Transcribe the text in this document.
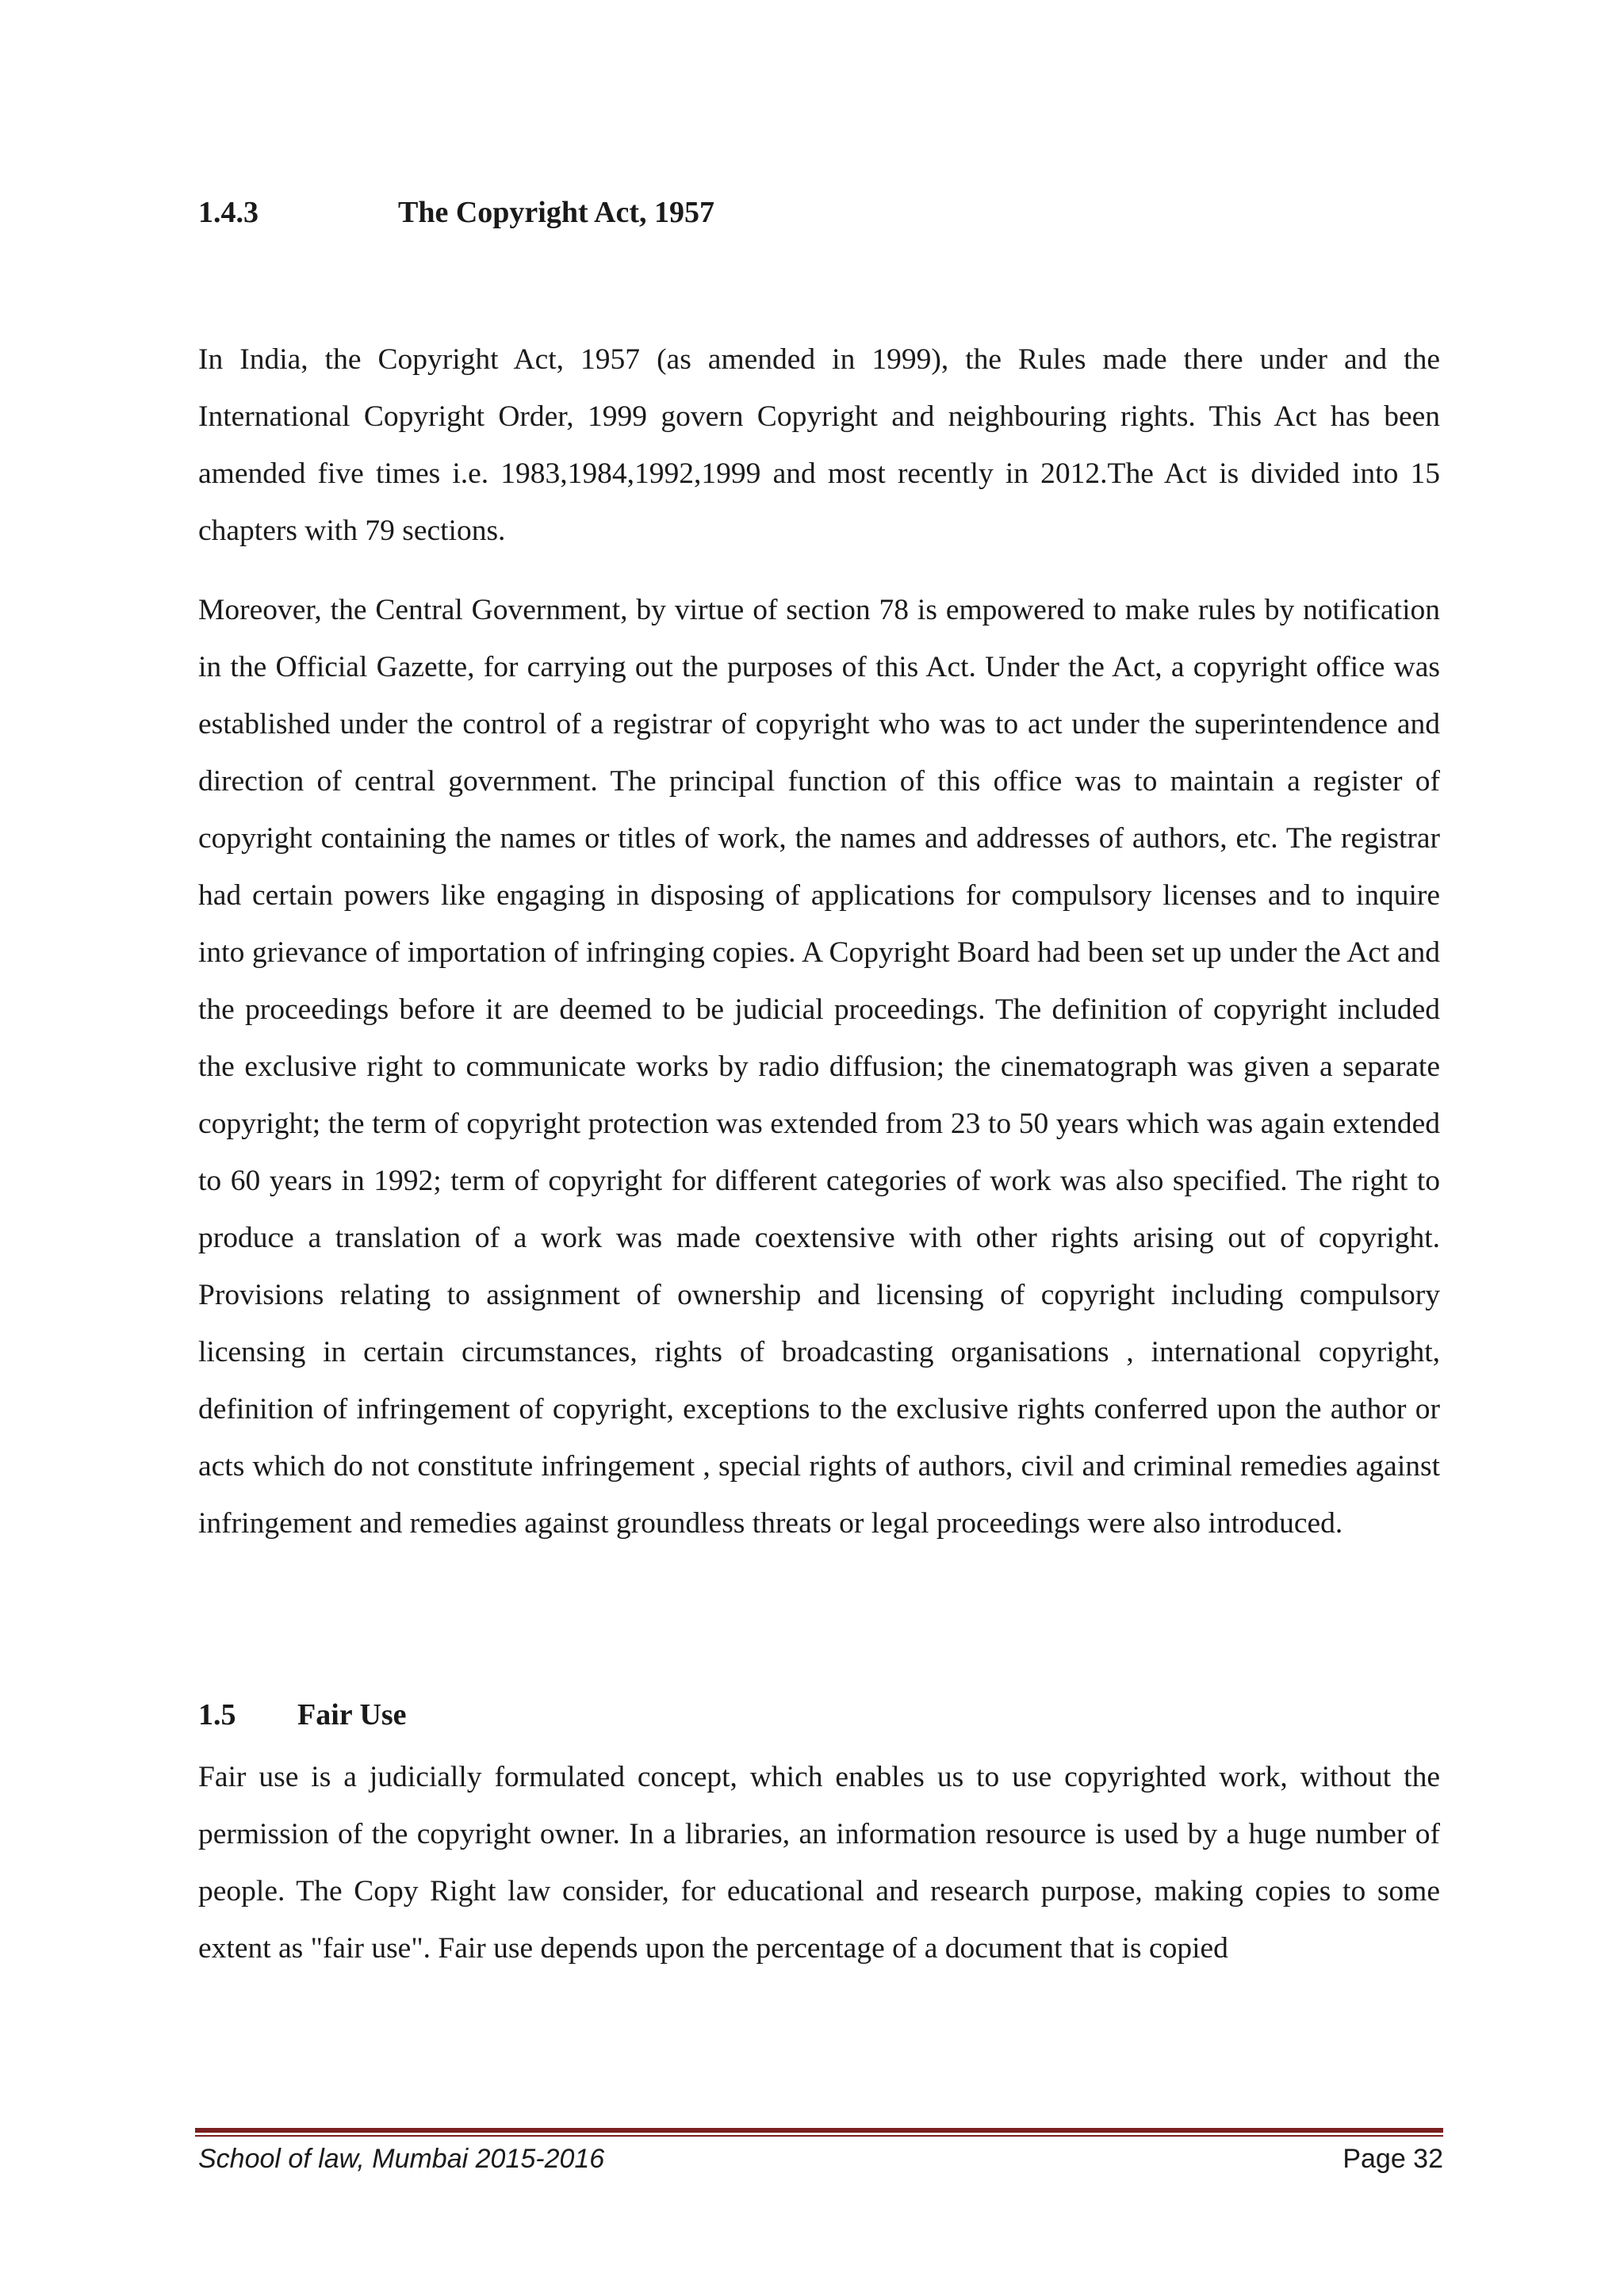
1.4.3	The Copyright Act, 1957

In India, the Copyright Act, 1957 (as amended in 1999), the Rules made there under and the International Copyright Order, 1999 govern Copyright and neighbouring rights. This Act has been amended five times i.e. 1983,1984,1992,1999 and most recently in 2012.The Act is divided into 15 chapters with 79 sections.

Moreover, the Central Government, by virtue of section 78 is empowered to make rules by notification in the Official Gazette, for carrying out the purposes of this Act. Under the Act, a copyright office was established under the control of a registrar of copyright who was to act under the superintendence and direction of central government. The principal function of this office was to maintain a register of copyright containing the names or titles of work, the names and addresses of authors, etc. The registrar had certain powers like engaging in disposing of applications for compulsory licenses and to inquire into grievance of importation of infringing copies. A Copyright Board had been set up under the Act and the proceedings before it are deemed to be judicial proceedings. The definition of copyright included the exclusive right to communicate works by radio diffusion; the cinematograph was given a separate copyright; the term of copyright protection was extended from 23 to 50 years which was again extended to 60 years in 1992; term of copyright for different categories of work was also specified. The right to produce a translation of a work was made coextensive with other rights arising out of copyright. Provisions relating to assignment of ownership and licensing of copyright including compulsory licensing in certain circumstances, rights of broadcasting organisations , international copyright, definition of infringement of copyright, exceptions to the exclusive rights conferred upon the author or acts which do not constitute infringement , special rights of authors, civil and criminal remedies against infringement and remedies against groundless threats or legal proceedings were also introduced.

1.5 Fair Use

Fair use is a judicially formulated concept, which enables us to use copyrighted work, without the permission of the copyright owner. In a libraries, an information resource is used by a huge number of people. The Copy Right law consider, for educational and research purpose, making copies to some extent as "fair use". Fair use depends upon the percentage of a document that is copied

School of law, Mumbai 2015-2016	Page 32
